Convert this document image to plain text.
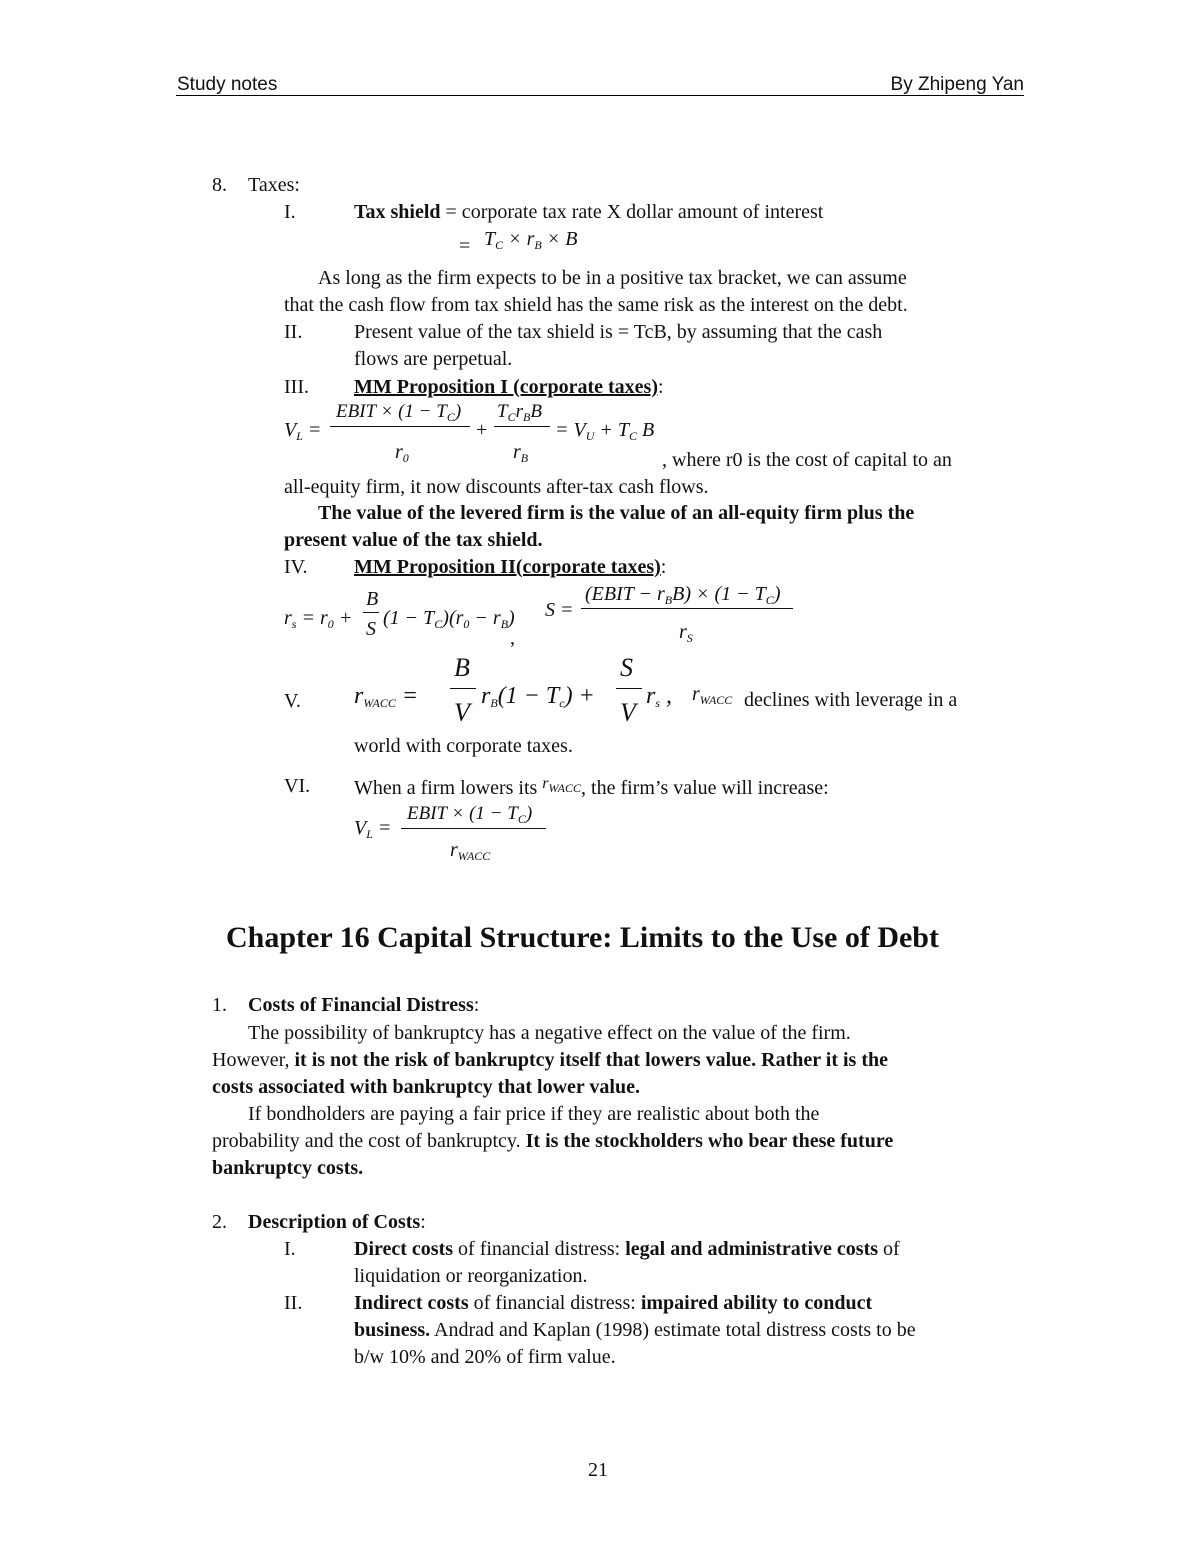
Study notes	By Zhipeng Yan
8. Taxes:
I.	Tax shield = corporate tax rate X dollar amount of interest
= $T_C \times r_B \times B$
As long as the firm expects to be in a positive tax bracket, we can assume
that the cash flow from tax shield has the same risk as the interest on the debt.
II.	Present value of the tax shield is = TcB, by assuming that the cash
flows are perpetual.
III. MM Proposition I (corporate taxes):
$V_L$ =
EBIT × $(1 - T_C)$
$r_0$
+
$T_Cr_BB$
$r_B$
= $V_U + T_C$ B
, where r0 is the cost of capital to an
all-equity firm, it now discounts after-tax cash flows.
The value of the levered firm is the value of an all-equity firm plus the
present value of the tax shield.
IV. MM Proposition II(corporate taxes):
$r_s = r_0$ +
B
S $(1 - T_C)(r_0 - r_B)$
,
S =
(EBIT − $r_BB) \times (1 - T_C)$
$r_S$
V. $r_{WACC}$ =
B
V
$r_B(1 - T_c)$ +
S
V
$r_s$ , $r_{WACC}$ declines with leverage in a
world with corporate taxes.
VI. When a firm lowers its $^{r_{WACC}}$, the firm’s value will increase:
$V_L$ =
EBIT × $(1 - T_C)$
$r_{WACC}$
Chapter 16 Capital Structure: Limits to the Use of Debt
1. Costs of Financial Distress:
The possibility of bankruptcy has a negative effect on the value of the firm.
However, it is not the risk of bankruptcy itself that lowers value. Rather it is the
costs associated with bankruptcy that lower value.
If bondholders are paying a fair price if they are realistic about both the
probability and the cost of bankruptcy. It is the stockholders who bear these future
bankruptcy costs.
2. Description of Costs:
I.	Direct costs of financial distress: legal and administrative costs of
liquidation or reorganization.
II.	Indirect costs of financial distress: impaired ability to conduct
business. Andrad and Kaplan (1998) estimate total distress costs to be
b/w 10% and 20% of firm value.
21
